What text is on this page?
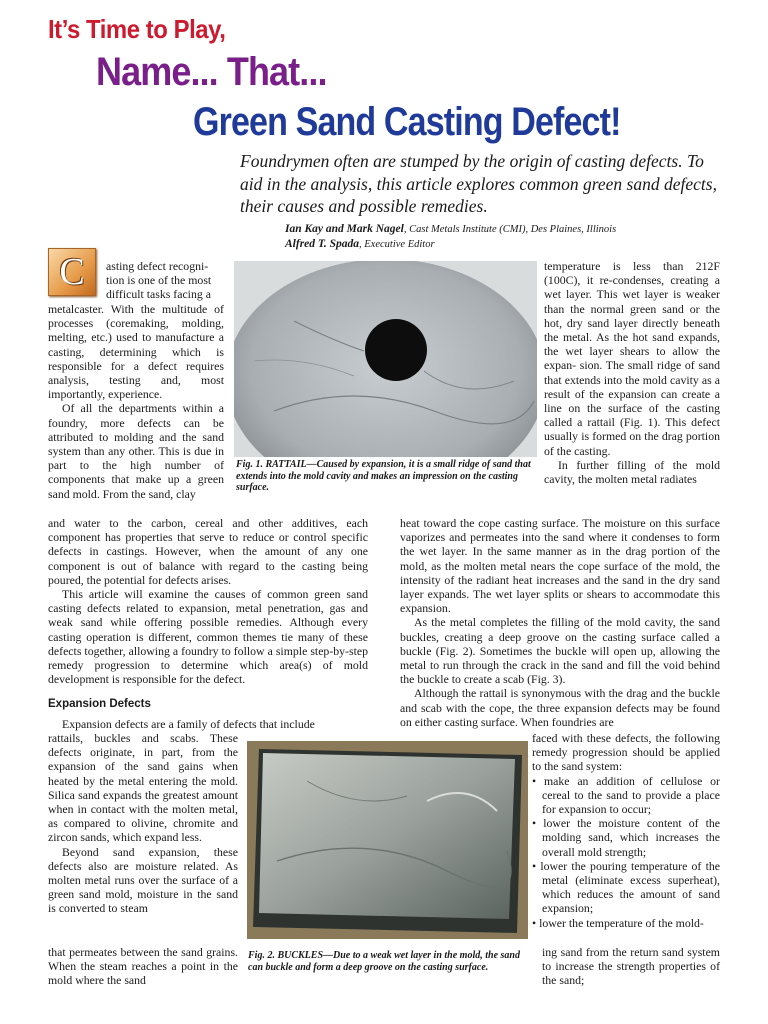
It’s Time to Play,
Name... That...
Green Sand Casting Defect!
Foundrymen often are stumped by the origin of casting defects. To aid in the analysis, this article explores common green sand defects, their causes and possible remedies.
Ian Kay and Mark Nagel, Cast Metals Institute (CMI), Des Plaines, Illinois
Alfred T. Spada, Executive Editor
C	asting defect recogni-

tion is one of the most

difficult tasks facing a

metalcaster. With the multitude of processes (coremaking, molding, melting, etc.) used to manufacture a casting, determining which is responsible for a defect requires analysis, testing and, most importantly, experience.

Of all the departments within a foundry, more defects can be attributed to molding and the sand system than any other. This is due in part to the high number of components that make up a green sand mold. From the sand, clay

Fig. 1. RATTAIL—Caused by expansion, it is a small ridge of sand that extends into the mold cavity and makes an impression on the casting surface.

temperature is less than 212F (100C), it re-condenses, creating a wet layer. This wet layer is weaker than the normal green sand or the hot, dry sand layer directly beneath the metal. As the hot sand expands, the wet layer shears to allow the expan- sion. The small ridge of sand that extends into the mold cavity as a result of the expansion can create a line on the surface of the casting called a rattail (Fig. 1). This defect usually is formed on the drag portion of the casting.

In further filling of the mold cavity, the molten metal radiates

and water to the carbon, cereal and other additives, each component has properties that serve to reduce or control specific defects in castings. However, when the amount of any one component is out of balance with regard to the casting being poured, the potential for defects arises.

This article will examine the causes of common green sand casting defects related to expansion, metal penetration, gas and weak sand while offering possible remedies. Although every casting operation is different, common themes tie many of these defects together, allowing a foundry to follow a simple step-by-step remedy progression to determine which area(s) of mold development is responsible for the defect.

Expansion Defects

Expansion defects are a family of defects that include

rattails, buckles and scabs. These defects originate, in part, from the expansion of the sand gains when heated by the metal entering the mold. Silica sand expands the greatest amount when in contact with the molten metal, as compared to olivine, chromite and zircon sands, which expand less.

Beyond sand expansion, these defects also are moisture related. As molten metal runs over the surface of a green sand mold, moisture in the sand is converted to steam

that permeates between the sand grains. When the steam reaches a point in the mold where the sand

heat toward the cope casting surface. The moisture on this surface vaporizes and permeates into the sand where it condenses to form the wet layer. In the same manner as in the drag portion of the mold, as the molten metal nears the cope surface of the mold, the intensity of the radiant heat increases and the sand in the dry sand layer expands. The wet layer splits or shears to accommodate this expansion.

As the metal completes the filling of the mold cavity, the sand buckles, creating a deep groove on the casting surface called a buckle (Fig. 2). Sometimes the buckle will open up, allowing the metal to run through the crack in the sand and fill the void behind the buckle to create a scab (Fig. 3).

Although the rattail is synonymous with the drag and the buckle and scab with the cope, the three expansion defects may be found on either casting surface. When foundries are

Fig. 2. BUCKLES—Due to a weak wet layer in the mold, the sand can buckle and form a deep groove on the casting surface.

faced with these defects, the following remedy progression should be applied to the sand system:

• make an addition of cellulose or cereal to the sand to provide a place for expansion to occur;
• lower the moisture content of the molding sand, which increases the overall mold strength;
• lower the pouring temperature of the metal (eliminate excess superheat), which reduces the amount of sand expansion;
• lower the temperature of the mold-

ing sand from the return sand system to increase the strength properties of the sand;
